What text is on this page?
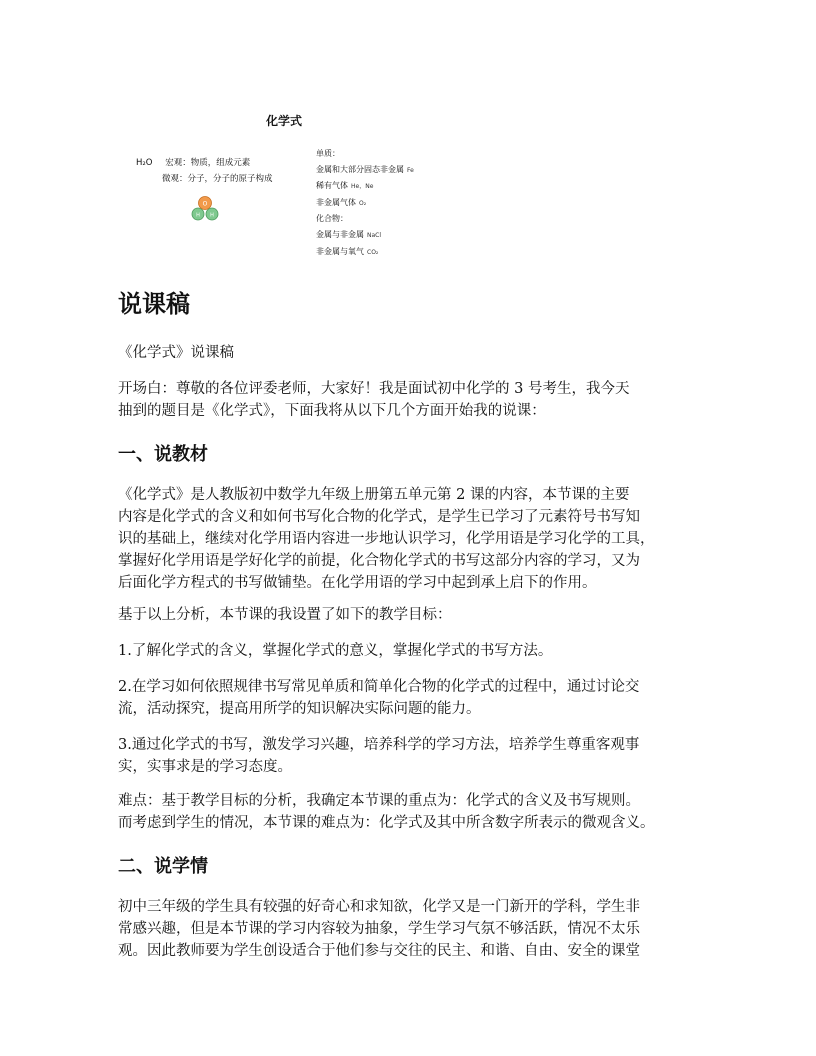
化学式
H₂O 宏观：物质，组成元素
微观：分子，分子的原子构成
O
H H
单质：
金属和大部分固态非金属 Fe
稀有气体 He，Ne
非金属气体 O₂
化合物：
金属与非金属 NaCl
非金属与氧气 CO₂
说课稿

《化学式》说课稿

开场白：尊敬的各位评委老师，大家好！我是面试初中化学的 3 号考生，我今天
抽到的题目是《化学式》，下面我将从以下几个方面开始我的说课：

一、说教材

《化学式》是人教版初中数学九年级上册第五单元第 2 课的内容，本节课的主要
内容是化学式的含义和如何书写化合物的化学式，是学生已学习了元素符号书写知
识的基础上，继续对化学用语内容进一步地认识学习，化学用语是学习化学的工具，
掌握好化学用语是学好化学的前提，化合物化学式的书写这部分内容的学习，又为
后面化学方程式的书写做铺垫。在化学用语的学习中起到承上启下的作用。

基于以上分析，本节课的我设置了如下的教学目标：

1.了解化学式的含义，掌握化学式的意义，掌握化学式的书写方法。

2.在学习如何依照规律书写常见单质和简单化合物的化学式的过程中，通过讨论交
流，活动探究，提高用所学的知识解决实际问题的能力。

3.通过化学式的书写，激发学习兴趣，培养科学的学习方法，培养学生尊重客观事
实，实事求是的学习态度。

难点：基于教学目标的分析，我确定本节课的重点为：化学式的含义及书写规则。
而考虑到学生的情况，本节课的难点为：化学式及其中所含数字所表示的微观含义。

二、说学情

初中三年级的学生具有较强的好奇心和求知欲，化学又是一门新开的学科，学生非
常感兴趣，但是本节课的学习内容较为抽象，学生学习气氛不够活跃，情况不太乐
观。因此教师要为学生创设适合于他们参与交往的民主、和谐、自由、安全的课堂
